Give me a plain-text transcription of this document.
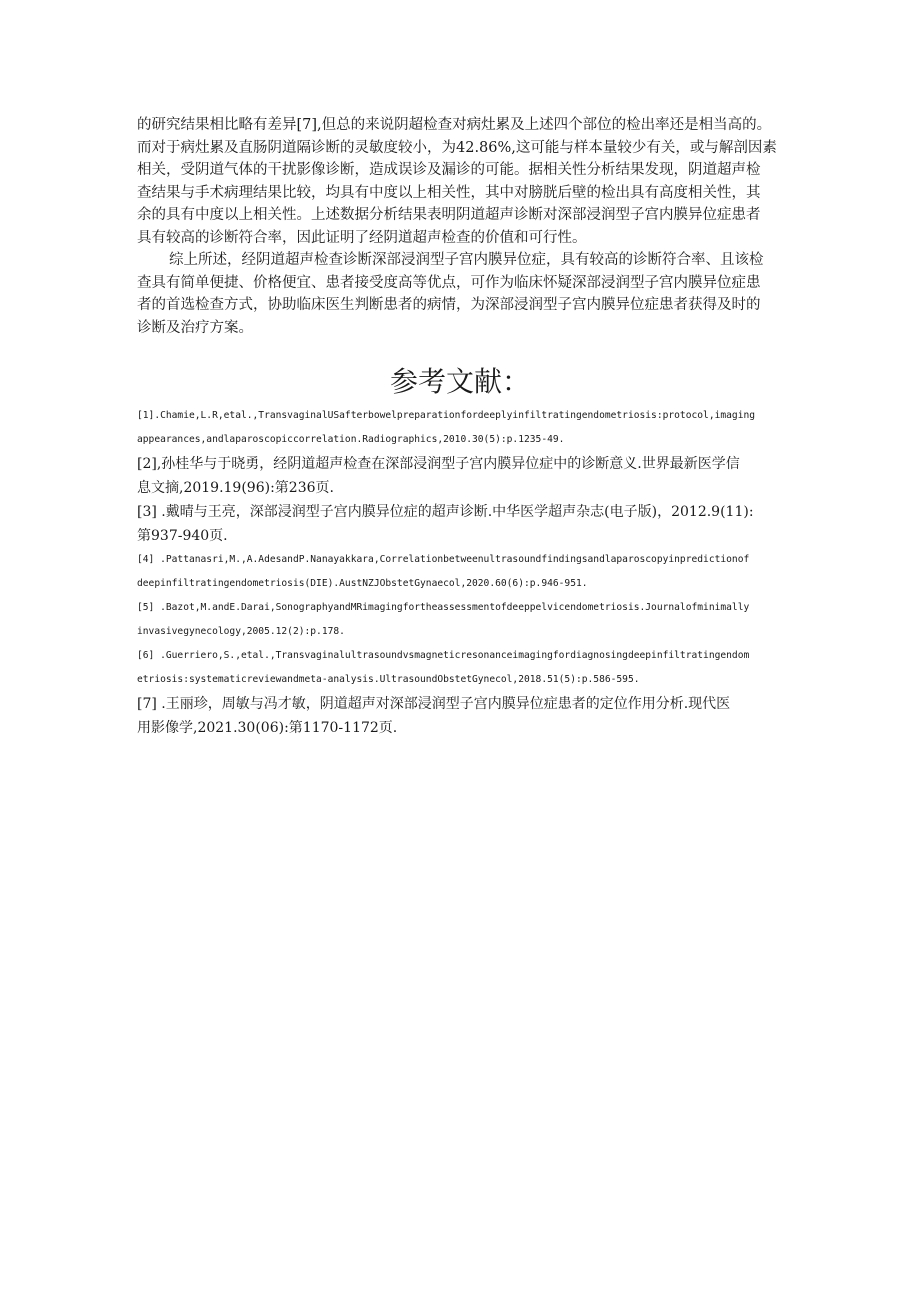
的研究结果相比略有差异[7],但总的来说阴超检查对病灶累及上述四个部位的检出率还是相当高的。
而对于病灶累及直肠阴道隔诊断的灵敏度较小，为42.86%,这可能与样本量较少有关，或与解剖因素
相关，受阴道气体的干扰影像诊断，造成误诊及漏诊的可能。据相关性分析结果发现，阴道超声检
查结果与手术病理结果比较，均具有中度以上相关性，其中对膀胱后壁的检出具有高度相关性，其
余的具有中度以上相关性。上述数据分析结果表明阴道超声诊断对深部浸润型子宫内膜异位症患者
具有较高的诊断符合率，因此证明了经阴道超声检查的价值和可行性。
综上所述，经阴道超声检查诊断深部浸润型子宫内膜异位症，具有较高的诊断符合率、且该检
查具有简单便捷、价格便宜、患者接受度高等优点，可作为临床怀疑深部浸润型子宫内膜异位症患
者的首选检查方式，协助临床医生判断患者的病情，为深部浸润型子宫内膜异位症患者获得及时的
诊断及治疗方案。
参考文献：
[1].Chamie,L.R,etal.,TransvaginalUSafterbowelpreparationfordeeplyinfiltratingendometriosis:protocol,imaging
appearances,andlaparoscopiccorrelation.Radiographics,2010.30(5):p.1235-49.
[2],孙桂华与于晓勇，经阴道超声检查在深部浸润型子宫内膜异位症中的诊断意义.世界最新医学信
息文摘,2019.19(96):第236页.
[3] .戴晴与王亮，深部浸润型子宫内膜异位症的超声诊断.中华医学超声杂志(电子版)，2012.9(11):
第937-940页.
[4] .Pattanasri,M.,A.AdesandP.Nanayakkara,Correlationbetweenultrasoundfindingsandlaparoscopyinpredictionof
deepinfiltratingendometriosis(DIE).AustNZJObstetGynaecol,2020.60(6):p.946-951.
[5] .Bazot,M.andE.Darai,SonographyandMRimagingfortheassessmentofdeeppelvicendometriosis.Journalofminimally
invasivegynecology,2005.12(2):p.178.
[6] .Guerriero,S.,etal.,Transvaginalultrasoundvsmagneticresonanceimagingfordiagnosingdeepinfiltratingendom
etriosis:systematicreviewandmeta-analysis.UltrasoundObstetGynecol,2018.51(5):p.586-595.
[7] .王丽珍，周敏与冯才敏，阴道超声对深部浸润型子宫内膜异位症患者的定位作用分析.现代医
用影像学,2021.30(06):第1170-1172页.
